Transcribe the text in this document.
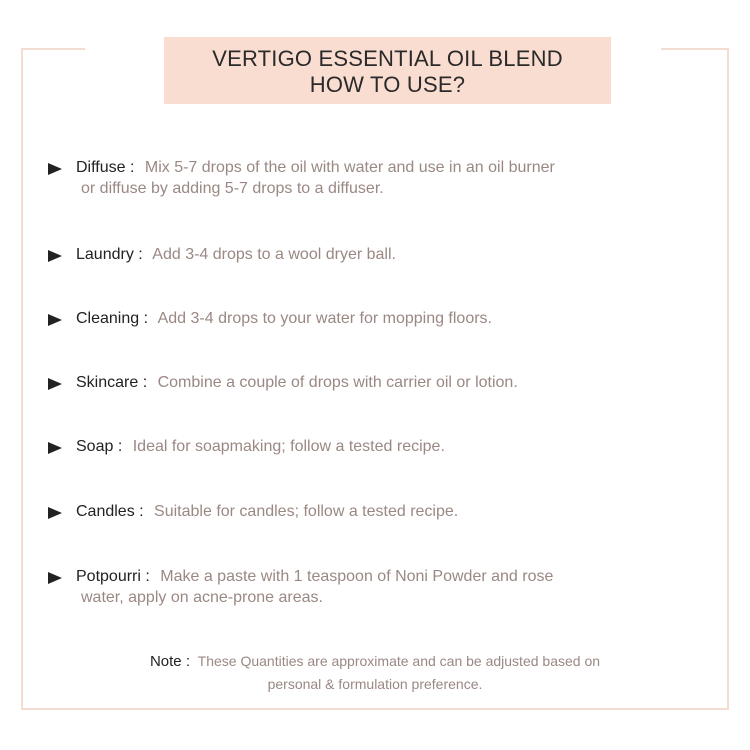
VERTIGO ESSENTIAL OIL BLEND
HOW TO USE?
Diffuse : Mix 5-7 drops of the oil with water and use in an oil burner
or diffuse by adding 5-7 drops to a diffuser.
Laundry : Add 3-4 drops to a wool dryer ball.
Cleaning : Add 3-4 drops to your water for mopping floors.
Skincare : Combine a couple of drops with carrier oil or lotion.
Soap : Ideal for soapmaking; follow a tested recipe.
Candles : Suitable for candles; follow a tested recipe.
Potpourri : Make a paste with 1 teaspoon of Noni Powder and rose
water, apply on acne-prone areas.
Note : These Quantities are approximate and can be adjusted based on
personal & formulation preference.
